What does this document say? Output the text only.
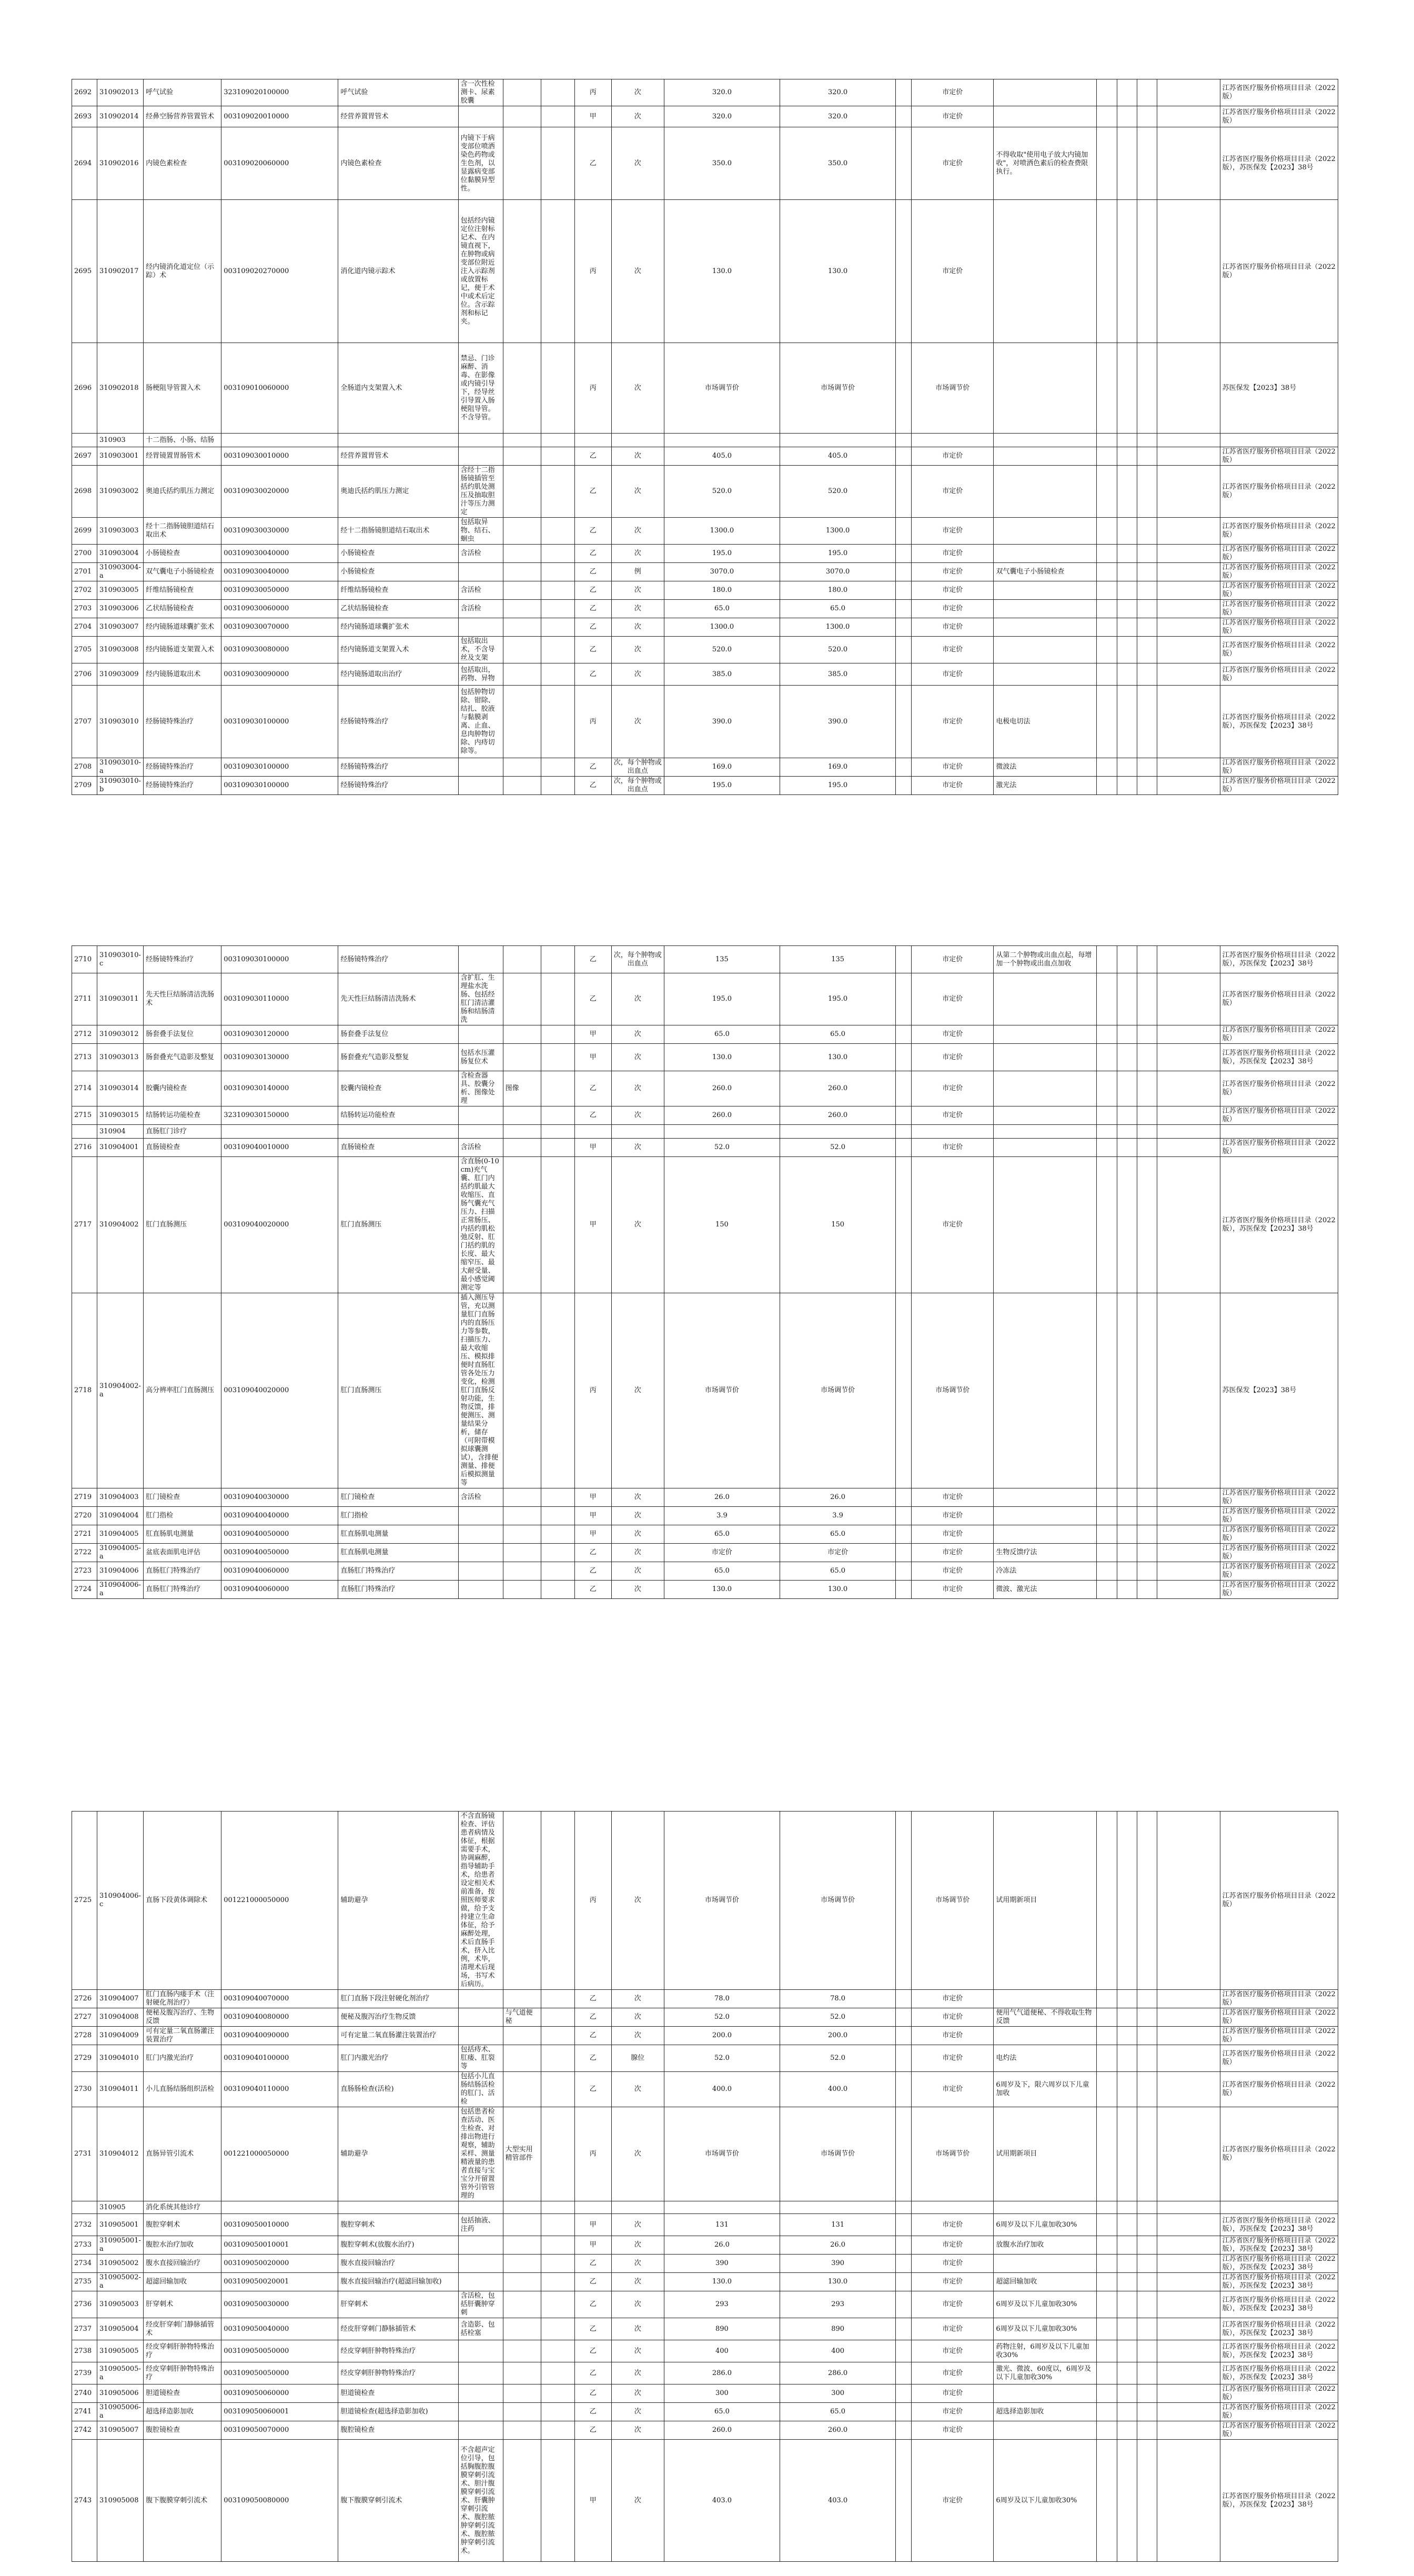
2692	310902013	呼气试验	323109020100000	呼气试验	含一次性检测卡、尿素胶囊			丙	次	320.0	320.0		市定价						江苏省医疗服务价格项目目录（2022版）
2693	310902014	经鼻空肠营养管置管术	003109020010000	经营养置胃管术				甲	次	320.0	320.0		市定价						江苏省医疗服务价格项目目录（2022版）
2694	310902016	内镜色素检查	003109020060000	内镜色素检查	内镜下于病变部位喷洒染色药物或生色剂，以显露病变部位黏膜异型性。			乙	次	350.0	350.0		市定价	不得收取"使用电子放大内镜加收"，对喷洒色素后的检查费限执行。					江苏省医疗服务价格项目目录（2022版），苏医保发【2023】38号
2695	310902017	经内镜消化道定位（示踪）术	003109020270000	消化道内镜示踪术	包括经内镜定位注射标记术、在内镜直视下，在肿物或病变部位附近注入示踪剂或放置标记，便于术中或术后定位。含示踪剂和标记夹。			丙	次	130.0	130.0		市定价						江苏省医疗服务价格项目目录（2022版）
2696	310902018	肠梗阻导管置入术	003109010060000	全肠道内支架置入术	禁忌、门诊麻醉、消毒、在影像或内镜引导下，经导丝引导置入肠梗阻导管。不含导管。			丙	次	市场调节价	市场调节价		市场调节价						苏医保发【2023】38号
	310903	十二指肠、小肠、结肠																	
2697	310903001	经胃镜置胃肠管术	003109030010000	经营养置胃管术				乙	次	405.0	405.0		市定价						江苏省医疗服务价格项目目录（2022版）
2698	310903002	奥迪氏括约肌压力测定	003109030020000	奥迪氏括约肌压力测定	含经十二指肠镜插管至括约肌处测压及抽取胆汁等压力测定			乙	次	520.0	520.0		市定价						江苏省医疗服务价格项目目录（2022版）
2699	310903003	经十二指肠镜胆道结石取出术	003109030030000	经十二指肠镜胆道结石取出术	包括取异物、结石、蛔虫			乙	次	1300.0	1300.0		市定价						江苏省医疗服务价格项目目录（2022版）
2700	310903004	小肠镜检查	003109030040000	小肠镜检查	含活检			乙	次	195.0	195.0		市定价						江苏省医疗服务价格项目目录（2022版）
2701	310903004-a	双气囊电子小肠镜检查	003109030040000	小肠镜检查				乙	例	3070.0	3070.0		市定价	双气囊电子小肠镜检查					江苏省医疗服务价格项目目录（2022版）
2702	310903005	纤维结肠镜检查	003109030050000	纤维结肠镜检查	含活检			乙	次	180.0	180.0		市定价						江苏省医疗服务价格项目目录（2022版）
2703	310903006	乙状结肠镜检查	003109030060000	乙状结肠镜检查	含活检			乙	次	65.0	65.0		市定价						江苏省医疗服务价格项目目录（2022版）
2704	310903007	经内镜肠道球囊扩张术	003109030070000	经内镜肠道球囊扩张术				乙	次	1300.0	1300.0		市定价						江苏省医疗服务价格项目目录（2022版）
2705	310903008	经内镜肠道支架置入术	003109030080000	经内镜肠道支架置入术	包括取出术，不含导丝及支架			乙	次	520.0	520.0		市定价						江苏省医疗服务价格项目目录（2022版）
2706	310903009	经内镜肠道取出术	003109030090000	经内镜肠道取出治疗	包括取出，药物、异物			乙	次	385.0	385.0		市定价						江苏省医疗服务价格项目目录（2022版）
2707	310903010	经肠镜特殊治疗	003109030100000	经肠镜特殊治疗	包括肿物切除、钳除、结扎、胶液与黏膜剥离、止血、息肉肿物切除、内痔切除等。			丙	次	390.0	390.0		市定价	电极电切法					江苏省医疗服务价格项目目录（2022版），苏医保发【2023】38号
2708	310903010-a	经肠镜特殊治疗	003109030100000	经肠镜特殊治疗				乙	次，每个肿物或出血点	169.0	169.0		市定价	微波法					江苏省医疗服务价格项目目录（2022版）
2709	310903010-b	经肠镜特殊治疗	003109030100000	经肠镜特殊治疗				乙	次，每个肿物或出血点	195.0	195.0		市定价	激光法					江苏省医疗服务价格项目目录（2022版）
2710	310903010-c	经肠镜特殊治疗	003109030100000	经肠镜特殊治疗				乙	次，每个肿物或出血点	135	135		市定价	从第二个肿物或出血点起，每增加一个肿物或出血点加收					江苏省医疗服务价格项目目录（2022版），苏医保发【2023】38号
2711	310903011	先天性巨结肠清洁洗肠术	003109030110000	先天性巨结肠清洁洗肠术	含扩肛、生理盐水洗肠、包括经肛门清洁灌肠和结肠清洗			乙	次	195.0	195.0		市定价						江苏省医疗服务价格项目目录（2022版）
2712	310903012	肠套叠手法复位	003109030120000	肠套叠手法复位				甲	次	65.0	65.0		市定价						江苏省医疗服务价格项目目录（2022版）
2713	310903013	肠套叠充气造影及整复	003109030130000	肠套叠充气造影及整复	包括水压灌肠复位术			甲	次	130.0	130.0		市定价						江苏省医疗服务价格项目目录（2022版），苏医保发【2023】38号
2714	310903014	胶囊内镜检查	003109030140000	胶囊内镜检查	含检查器具、胶囊分析、图像处理	图像		乙	次	260.0	260.0		市定价						江苏省医疗服务价格项目目录（2022版）
2715	310903015	结肠转运功能检查	323109030150000	结肠转运功能检查				乙	次	260.0	260.0		市定价						江苏省医疗服务价格项目目录（2022版）
	310904	直肠肛门诊疗																	
2716	310904001	直肠镜检查	003109040010000	直肠镜检查	含活检			甲	次	52.0	52.0		市定价						江苏省医疗服务价格项目目录（2022版）
2717	310904002	肛门直肠测压	003109040020000	肛门直肠测压	含直肠(0-10cm)充气囊、肛门内括约肌最大收缩压、直肠气囊充气压力、扫描正常肠压、内括约肌松弛反射、肛门括约肌的长度、最大缩窄压、最大耐受量、最小感觉阈测定等			甲	次	150	150		市定价						江苏省医疗服务价格项目目录（2022版），苏医保发【2023】38号
2718	310904002-a	高分辨率肛门直肠测压	003109040020000	肛门直肠测压	插入测压导管，充以测量肛门直肠内的直肠压力等参数，扫描压力、最大收缩压、模拟排便时直肠肛管各处压力变化，检测肛门直肠反射功能，生物反馈，排便测压、测量结果分析，储存（可附带模拟球囊测试），含排便测量、排便后模拟测量等			丙	次	市场调节价	市场调节价		市场调节价						苏医保发【2023】38号
2719	310904003	肛门镜检查	003109040030000	肛门镜检查	含活检			甲	次	26.0	26.0		市定价						江苏省医疗服务价格项目目录（2022版）
2720	310904004	肛门指检	003109040040000	肛门指检				甲	次	3.9	3.9		市定价						江苏省医疗服务价格项目目录（2022版）
2721	310904005	肛直肠肌电测量	003109040050000	肛直肠肌电测量				甲	次	65.0	65.0		市定价						江苏省医疗服务价格项目目录（2022版）
2722	310904005-a	盆底表面肌电评估	003109040050000	肛直肠肌电测量				乙	次	市定价	市定价		市定价	生物反馈疗法					江苏省医疗服务价格项目目录（2022版）
2723	310904006	直肠肛门特殊治疗	003109040060000	直肠肛门特殊治疗				乙	次	65.0	65.0		市定价	冷冻法					江苏省医疗服务价格项目目录（2022版）
2724	310904006-a	直肠肛门特殊治疗	003109040060000	直肠肛门特殊治疗				乙	次	130.0	130.0		市定价	微波、激光法					江苏省医疗服务价格项目目录（2022版）
2725	310904006-c	直肠下段黄体调除术	001221000050000	辅助避孕	不含直肠镜检查、评估患者病情及体征，根据需要手术，协调麻醉，指导辅助手术，给患者设定相关术前准备，按照医师要求做，给予支持建立生命体征，给予麻醉处理，术后直肠手术，挤入比例，术毕，清理术后现场，书写术后病历。			丙	次	市场调节价	市场调节价		市场调节价	试用期新项目					江苏省医疗服务价格项目目录（2022版）
2726	310904007	肛门直肠内瘘手术（注射硬化剂治疗）	003109040070000	肛门直肠下段注射硬化剂治疗				乙	次	78.0	78.0		市定价						江苏省医疗服务价格项目目录（2022版）
2727	310904008	便秘及腹泻治疗、生物反馈	003109040080000	便秘及腹泻治疗生物反馈		与气道便秘		乙	次	52.0	52.0		市定价	便用气气道便秘、不得收取生物反馈					江苏省医疗服务价格项目目录（2022版）
2728	310904009	可有定量二氧直肠灌注装置治疗	003109040090000	可有定量二氧直肠灌注装置治疗				乙	次	200.0	200.0		市定价						江苏省医疗服务价格项目目录（2022版）
2729	310904010	肛门内激光治疗	003109040100000	肛门内激光治疗	包括痔术、肛瘘、肛裂等			乙	腺位	52.0	52.0		市定价	电灼法					江苏省医疗服务价格项目目录（2022版）
2730	310904011	小儿直肠结肠组织活检	003109040110000	直肠肠检查(活检)	包括小儿直肠结肠活检的肛门、活检			乙	次	400.0	400.0		市定价	6周岁及下，限六周岁以下儿童加收					江苏省医疗服务价格项目目录（2022版）
2731	310904012	直肠异管引流术	001221000050000	辅助避孕	包括患者检查活动、医生检查、对排出物进行观察，辅助采样、测量精液量的患者直接与宝宝分开留置管外引管管理的	大型实用精管部件		丙	次	市场调节价	市场调节价		市场调节价	试用期新项目					江苏省医疗服务价格项目目录（2022版）
	310905	消化系统其他诊疗																	
2732	310905001	腹腔穿刺术	003109050010000	腹腔穿刺术	包括抽液、注药			甲	次	131	131		市定价	6周岁及以下儿童加收30%					江苏省医疗服务价格项目目录（2022版），苏医保发【2023】38号
2733	310905001-a	腹腔水治疗加收	003109050010001	腹腔穿刺术(放腹水治疗)				甲	次	26.0	26.0		市定价	放腹水治疗加收					江苏省医疗服务价格项目目录（2022版），苏医保发【2023】38号
2734	310905002	腹水直接回输治疗	003109050020000	腹水直接回输治疗				乙	次	390	390		市定价						江苏省医疗服务价格项目目录（2022版），苏医保发【2023】38号
2735	310905002-a	超滤回输加收	003109050020001	腹水直接回输治疗(超滤回输加收)				乙	次	130.0	130.0		市定价	超滤回输加收					江苏省医疗服务价格项目目录（2022版），苏医保发【2023】38号
2736	310905003	肝穿刺术	003109050030000	肝穿刺术	含活检，包括肝囊肿穿刺			乙	次	293	293		市定价	6周岁及以下儿童加收30%					江苏省医疗服务价格项目目录（2022版），苏医保发【2023】38号
2737	310905004	经皮肝穿刺门静脉插管术	003109050040000	经皮肝穿刺门静脉插管术	含造影、包括栓塞			乙	次	890	890		市定价	6周岁及以下儿童加收30%					江苏省医疗服务价格项目目录（2022版），苏医保发【2023】38号
2738	310905005	经皮穿刺肝肿物特殊治疗	003109050050000	经皮穿刺肝肿物特殊治疗				乙	次	400	400		市定价	药物注射，6周岁及以下儿童加收30%					江苏省医疗服务价格项目目录（2022版），苏医保发【2023】38号
2739	310905005-a	经皮穿刺肝肿物特殊治疗	003109050050000	经皮穿刺肝肿物特殊治疗				乙	次	286.0	286.0		市定价	激光、微波、60度以，6周岁及以下儿童加收30%					江苏省医疗服务价格项目目录（2022版），苏医保发【2023】38号
2740	310905006	胆道镜检查	003109050060000	胆道镜检查				乙	次	300	300		市定价						江苏省医疗服务价格项目目录（2022版）
2741	310905006-a	超选择造影加收	003109050060001	胆道镜检查(超选择造影加收)				乙	次	65.0	65.0		市定价	超选择造影加收					江苏省医疗服务价格项目目录（2022版）
2742	310905007	腹腔镜检查	003109050070000	腹腔镜检查				乙	次	260.0	260.0		市定价						江苏省医疗服务价格项目目录（2022版）
2743	310905008	腹下腹膜穿刺引流术	003109050080000	腹下腹膜穿刺引流术	不含超声定位引导，包括胸腹腔腹膜穿刺引流术、胆汁腹膜穿刺引流术、肝囊肿穿刺引流术、腹腔脓肿穿刺引流术、腹腔脓肿穿刺引流术。			甲	次	403.0	403.0		市定价	6周岁及以下儿童加收30%					江苏省医疗服务价格项目目录（2022版），苏医保发【2023】38号
